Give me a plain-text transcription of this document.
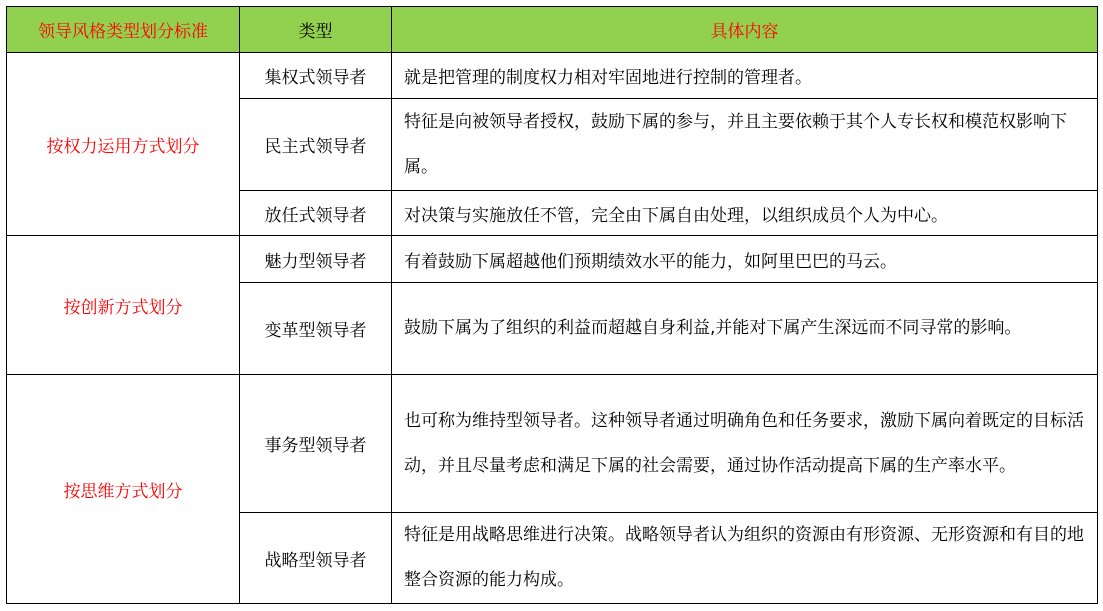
领导风格类型划分标准	类型	具体内容
按权力运用方式划分	集权式领导者	就是把管理的制度权力相对牢固地进行控制的管理者。
	民主式领导者	特征是向被领导者授权，鼓励下属的参与，并且主要依赖于其个人专长权和模范权影响下属。
	放任式领导者	对决策与实施放任不管，完全由下属自由处理，以组织成员个人为中心。
按创新方式划分	魅力型领导者	有着鼓励下属超越他们预期绩效水平的能力，如阿里巴巴的马云。
	变革型领导者	鼓励下属为了组织的利益而超越自身利益,并能对下属产生深远而不同寻常的影响。
按思维方式划分	事务型领导者	也可称为维持型领导者。这种领导者通过明确角色和任务要求，激励下属向着既定的目标活动，并且尽量考虑和满足下属的社会需要，通过协作活动提高下属的生产率水平。
	战略型领导者	特征是用战略思维进行决策。战略领导者认为组织的资源由有形资源、无形资源和有目的地整合资源的能力构成。
